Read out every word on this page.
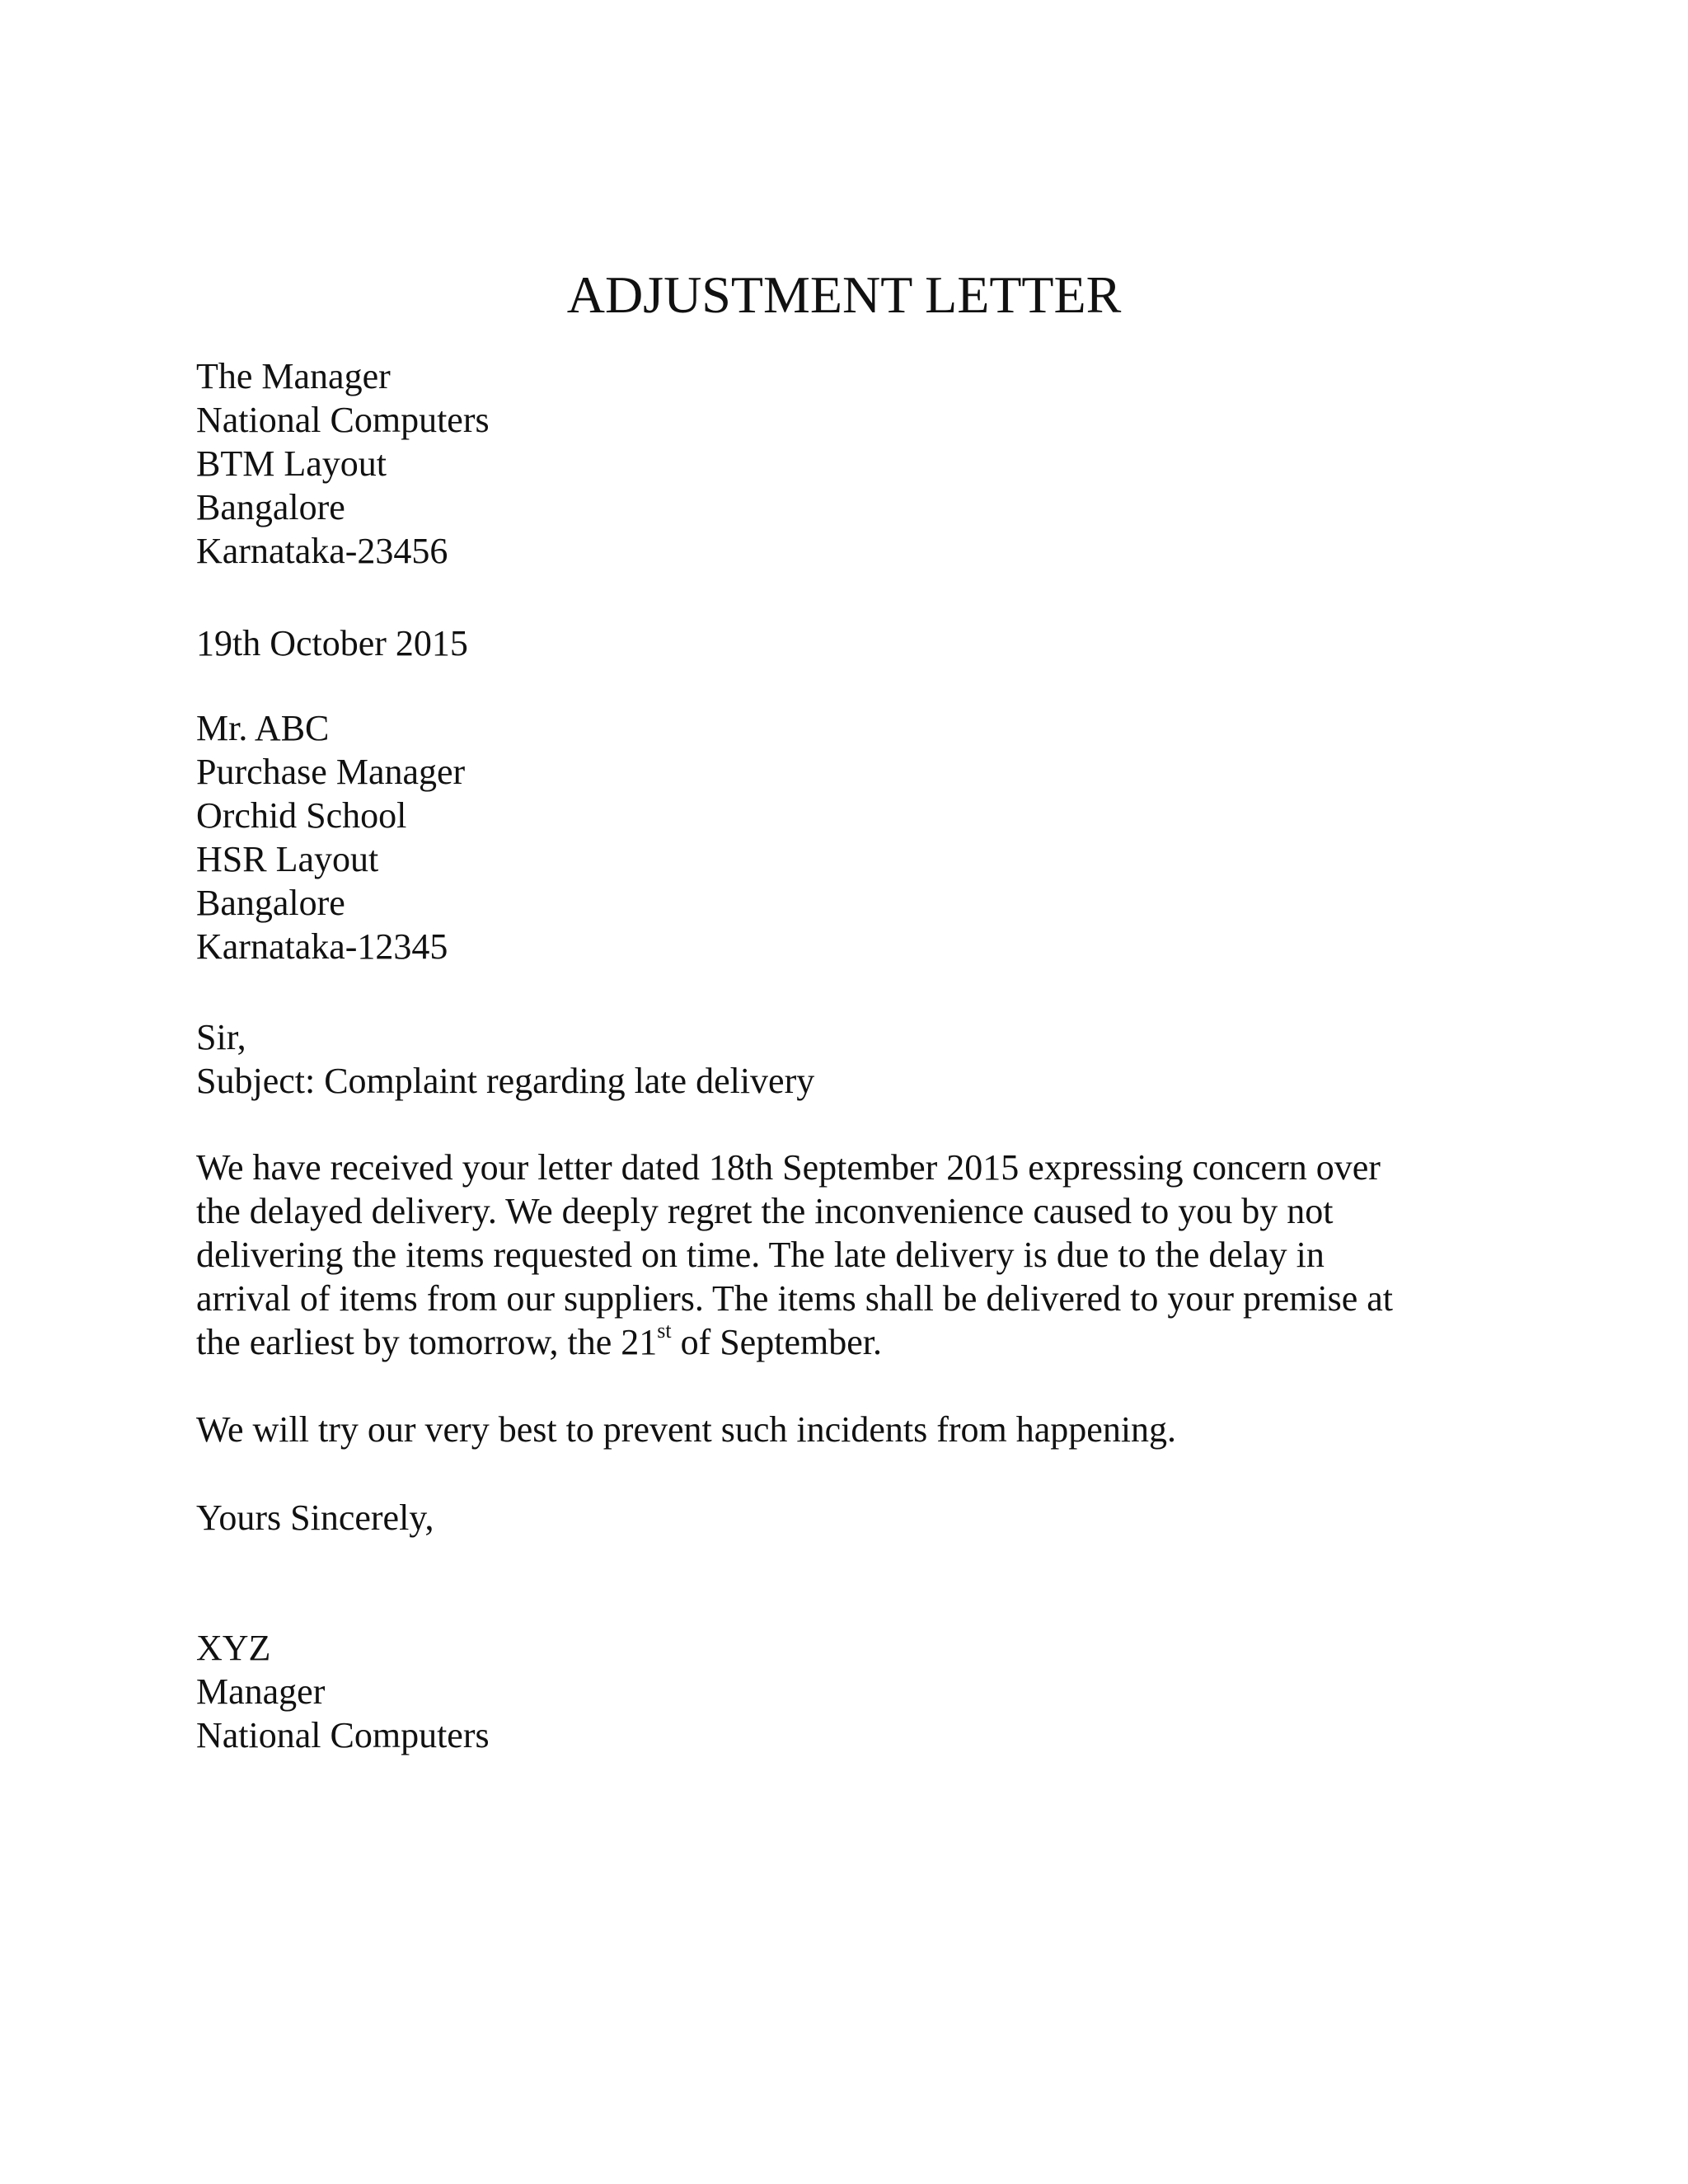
ADJUSTMENT LETTER
The Manager
National Computers
BTM Layout
Bangalore
Karnataka-23456
19th October 2015
Mr. ABC
Purchase Manager
Orchid School
HSR Layout
Bangalore
Karnataka-12345
Sir,
Subject: Complaint regarding late delivery
We have received your letter dated 18th September 2015 expressing concern over
the delayed delivery. We deeply regret the inconvenience caused to you by not
delivering the items requested on time. The late delivery is due to the delay in
arrival of items from our suppliers. The items shall be delivered to your premise at
the earliest by tomorrow, the 21st of September.
We will try our very best to prevent such incidents from happening.
Yours Sincerely,
XYZ
Manager
National Computers
